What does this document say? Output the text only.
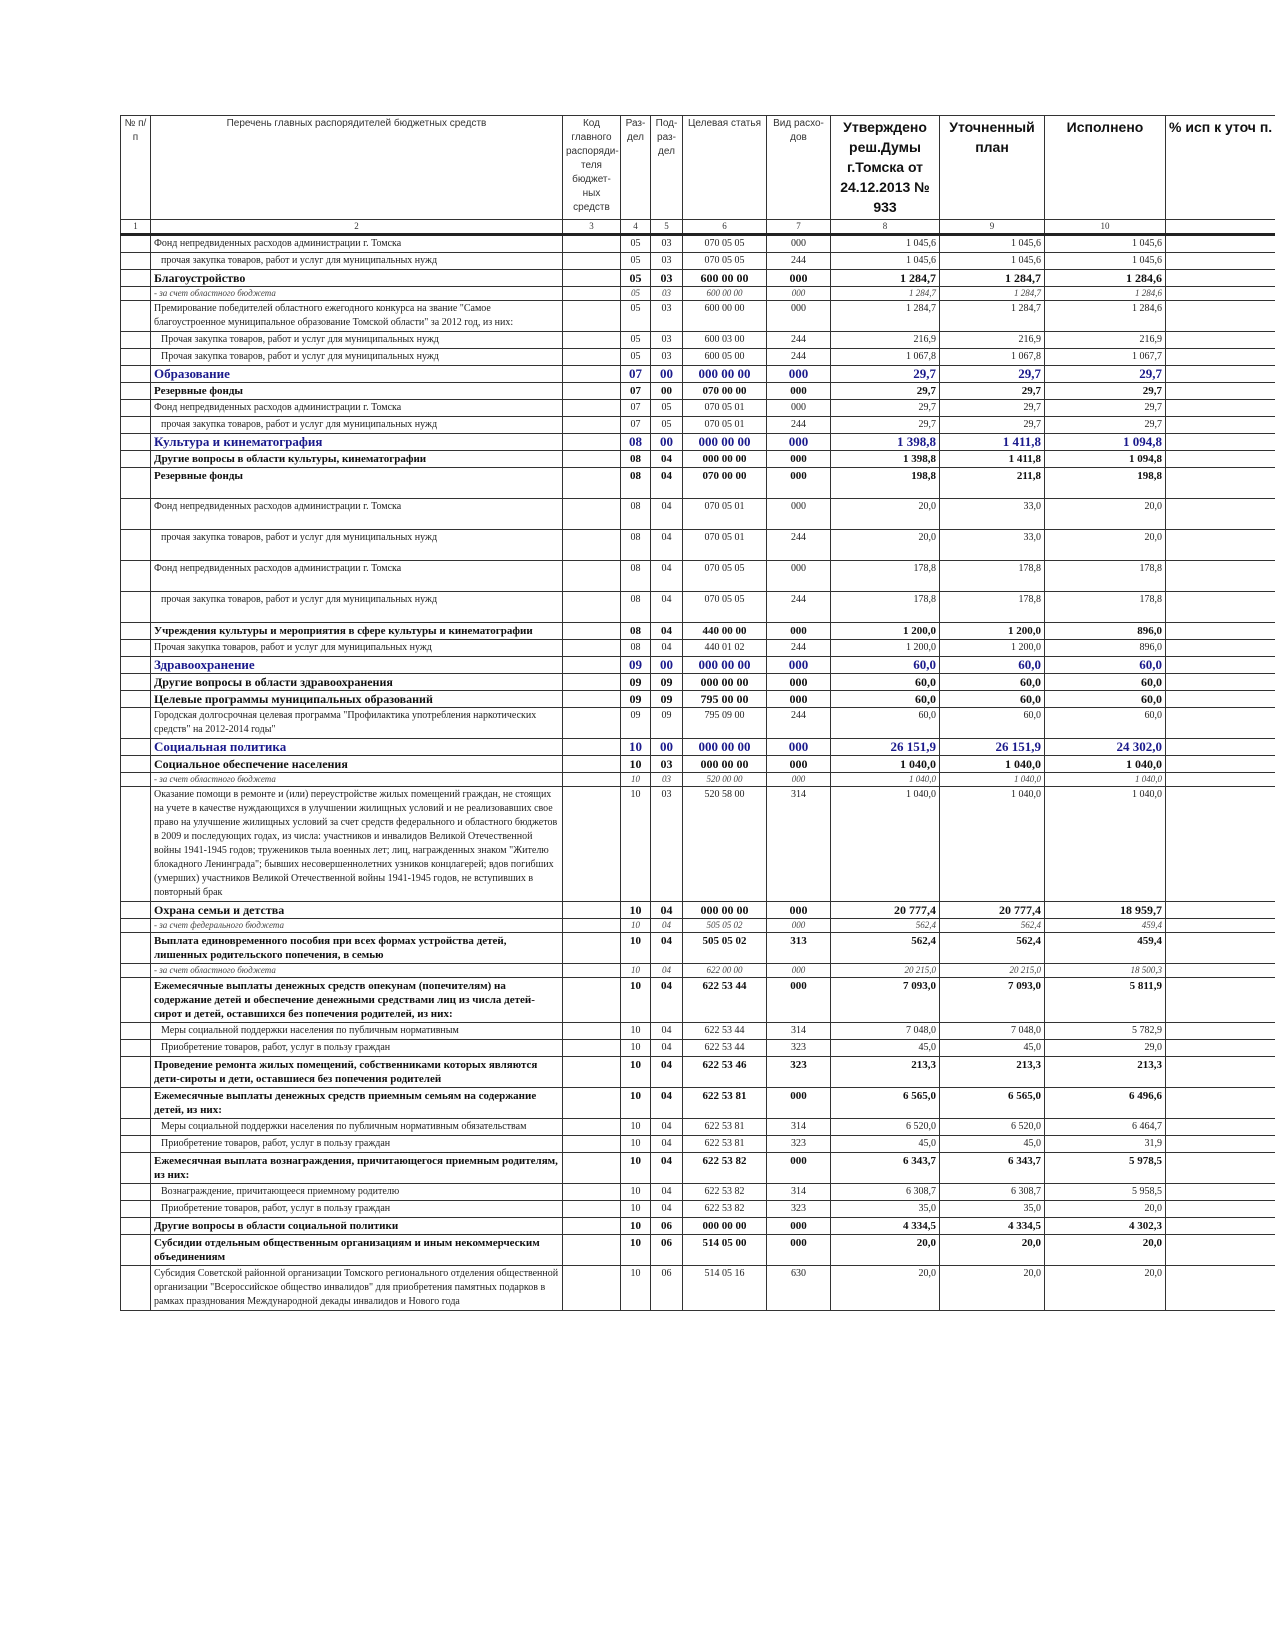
№ п/п	Перечень главных распорядителей бюджетных средств	Код главного распоряди-теля бюджет-ных средств	Раз-дел	Под-раз-дел	Целевая статья	Вид расхо-дов	Утверждено реш.Думы г.Томска от 24.12.2013 № 933	Уточненный план	Исполнено	% исп к уточ п.
1	2	3	4	5	6	7	8	9	10	
	Фонд непредвиденных расходов администрации г. Томска		05	03	070 05 05	000	1 045,6	1 045,6	1 045,6	
	прочая закупка товаров, работ и услуг для муниципальных нужд		05	03	070 05 05	244	1 045,6	1 045,6	1 045,6	
	Благоустройство		05	03	600 00 00	000	1 284,7	1 284,7	1 284,6	
	- за счет областного бюджета		05	03	600 00 00	000	1 284,7	1 284,7	1 284,6	
	Премирование победителей областного ежегодного конкурса на звание "Самое благоустроенное муниципальное образование Томской области" за 2012 год, из них:		05	03	600 00 00	000	1 284,7	1 284,7	1 284,6	
	Прочая закупка товаров, работ и услуг для муниципальных нужд		05	03	600 03 00	244	216,9	216,9	216,9	
	Прочая закупка товаров, работ и услуг для муниципальных нужд		05	03	600 05 00	244	1 067,8	1 067,8	1 067,7	
	Образование		07	00	000 00 00	000	29,7	29,7	29,7	
	Резервные фонды		07	00	070 00 00	000	29,7	29,7	29,7	
	Фонд непредвиденных расходов администрации г. Томска		07	05	070 05 01	000	29,7	29,7	29,7	
	прочая закупка товаров, работ и услуг для муниципальных нужд		07	05	070 05 01	244	29,7	29,7	29,7	
	Культура и кинематография		08	00	000 00 00	000	1 398,8	1 411,8	1 094,8	
	Другие вопросы в области культуры, кинематографии		08	04	000 00 00	000	1 398,8	1 411,8	1 094,8	
	Резервные фонды		08	04	070 00 00	000	198,8	211,8	198,8	
	Фонд непредвиденных расходов администрации г. Томска		08	04	070 05 01	000	20,0	33,0	20,0	
	прочая закупка товаров, работ и услуг для муниципальных нужд		08	04	070 05 01	244	20,0	33,0	20,0	
	Фонд непредвиденных расходов администрации г. Томска		08	04	070 05 05	000	178,8	178,8	178,8	
	прочая закупка товаров, работ и услуг для муниципальных нужд		08	04	070 05 05	244	178,8	178,8	178,8	
	Учреждения культуры и мероприятия в сфере культуры и кинематографии		08	04	440 00 00	000	1 200,0	1 200,0	896,0	
	Прочая закупка товаров, работ и услуг для муниципальных нужд		08	04	440 01 02	244	1 200,0	1 200,0	896,0	
	Здравоохранение		09	00	000 00 00	000	60,0	60,0	60,0	
	Другие вопросы в области здравоохранения		09	09	000 00 00	000	60,0	60,0	60,0	
	Целевые программы муниципальных образований		09	09	795 00 00	000	60,0	60,0	60,0	
	Городская долгосрочная целевая программа "Профилактика употребления наркотических средств" на 2012-2014 годы"		09	09	795 09 00	244	60,0	60,0	60,0	
	Социальная политика		10	00	000 00 00	000	26 151,9	26 151,9	24 302,0	
	Социальное обеспечение населения		10	03	000 00 00	000	1 040,0	1 040,0	1 040,0	
	- за счет областного бюджета		10	03	520 00 00	000	1 040,0	1 040,0	1 040,0	
	Оказание помощи в ремонте и (или) переустройстве жилых помещений граждан, не стоящих на учете в качестве нуждающихся в улучшении жилищных условий и не реализовавших свое право на улучшение жилищных условий за счет средств федерального и областного бюджетов в 2009 и последующих годах, из числа: участников и инвалидов Великой Отечественной войны 1941-1945 годов; тружеников тыла военных лет; лиц, награжденных знаком "Жителю блокадного Ленинграда"; бывших несовершеннолетних узников концлагерей; вдов погибших (умерших) участников Великой Отечественной войны 1941-1945 годов, не вступивших в повторный брак		10	03	520 58 00	314	1 040,0	1 040,0	1 040,0	
	Охрана семьи и детства		10	04	000 00 00	000	20 777,4	20 777,4	18 959,7	
	- за счет федерального бюджета		10	04	505 05 02	000	562,4	562,4	459,4	
	Выплата единовременного пособия при всех формах устройства детей, лишенных родительского попечения, в семью		10	04	505 05 02	313	562,4	562,4	459,4	
	- за счет областного бюджета		10	04	622 00 00	000	20 215,0	20 215,0	18 500,3	
	Ежемесячные выплаты денежных средств опекунам (попечителям) на содержание детей и обеспечение денежными средствами лиц из числа детей-сирот и детей, оставшихся без попечения родителей, из них:		10	04	622 53 44	000	7 093,0	7 093,0	5 811,9	
	Меры социальной поддержки населения по публичным нормативным		10	04	622 53 44	314	7 048,0	7 048,0	5 782,9	
	Приобретение товаров, работ, услуг в пользу граждан		10	04	622 53 44	323	45,0	45,0	29,0	
	Проведение ремонта жилых помещений, собственниками которых являются дети-сироты и дети, оставшиеся без попечения родителей		10	04	622 53 46	323	213,3	213,3	213,3	
	Ежемесячные выплаты денежных средств приемным семьям на содержание детей, из них:		10	04	622 53 81	000	6 565,0	6 565,0	6 496,6	
	Меры социальной поддержки населения по публичным нормативным обязательствам		10	04	622 53 81	314	6 520,0	6 520,0	6 464,7	
	Приобретение товаров, работ, услуг в пользу граждан		10	04	622 53 81	323	45,0	45,0	31,9	
	Ежемесячная выплата вознаграждения, причитающегося приемным родителям, из них:		10	04	622 53 82	000	6 343,7	6 343,7	5 978,5	
	Вознаграждение, причитающееся приемному родителю		10	04	622 53 82	314	6 308,7	6 308,7	5 958,5	
	Приобретение товаров, работ, услуг в пользу граждан		10	04	622 53 82	323	35,0	35,0	20,0	
	Другие вопросы в области социальной политики		10	06	000 00 00	000	4 334,5	4 334,5	4 302,3	
	Субсидии отдельным общественным организациям и иным некоммерческим объединениям		10	06	514 05 00	000	20,0	20,0	20,0	
	Субсидия Советской районной организации Томского регионального отделения общественной организации "Всероссийское общество инвалидов" для приобретения памятных подарков в рамках празднования Международной декады инвалидов и Нового года		10	06	514 05 16	630	20,0	20,0	20,0	
